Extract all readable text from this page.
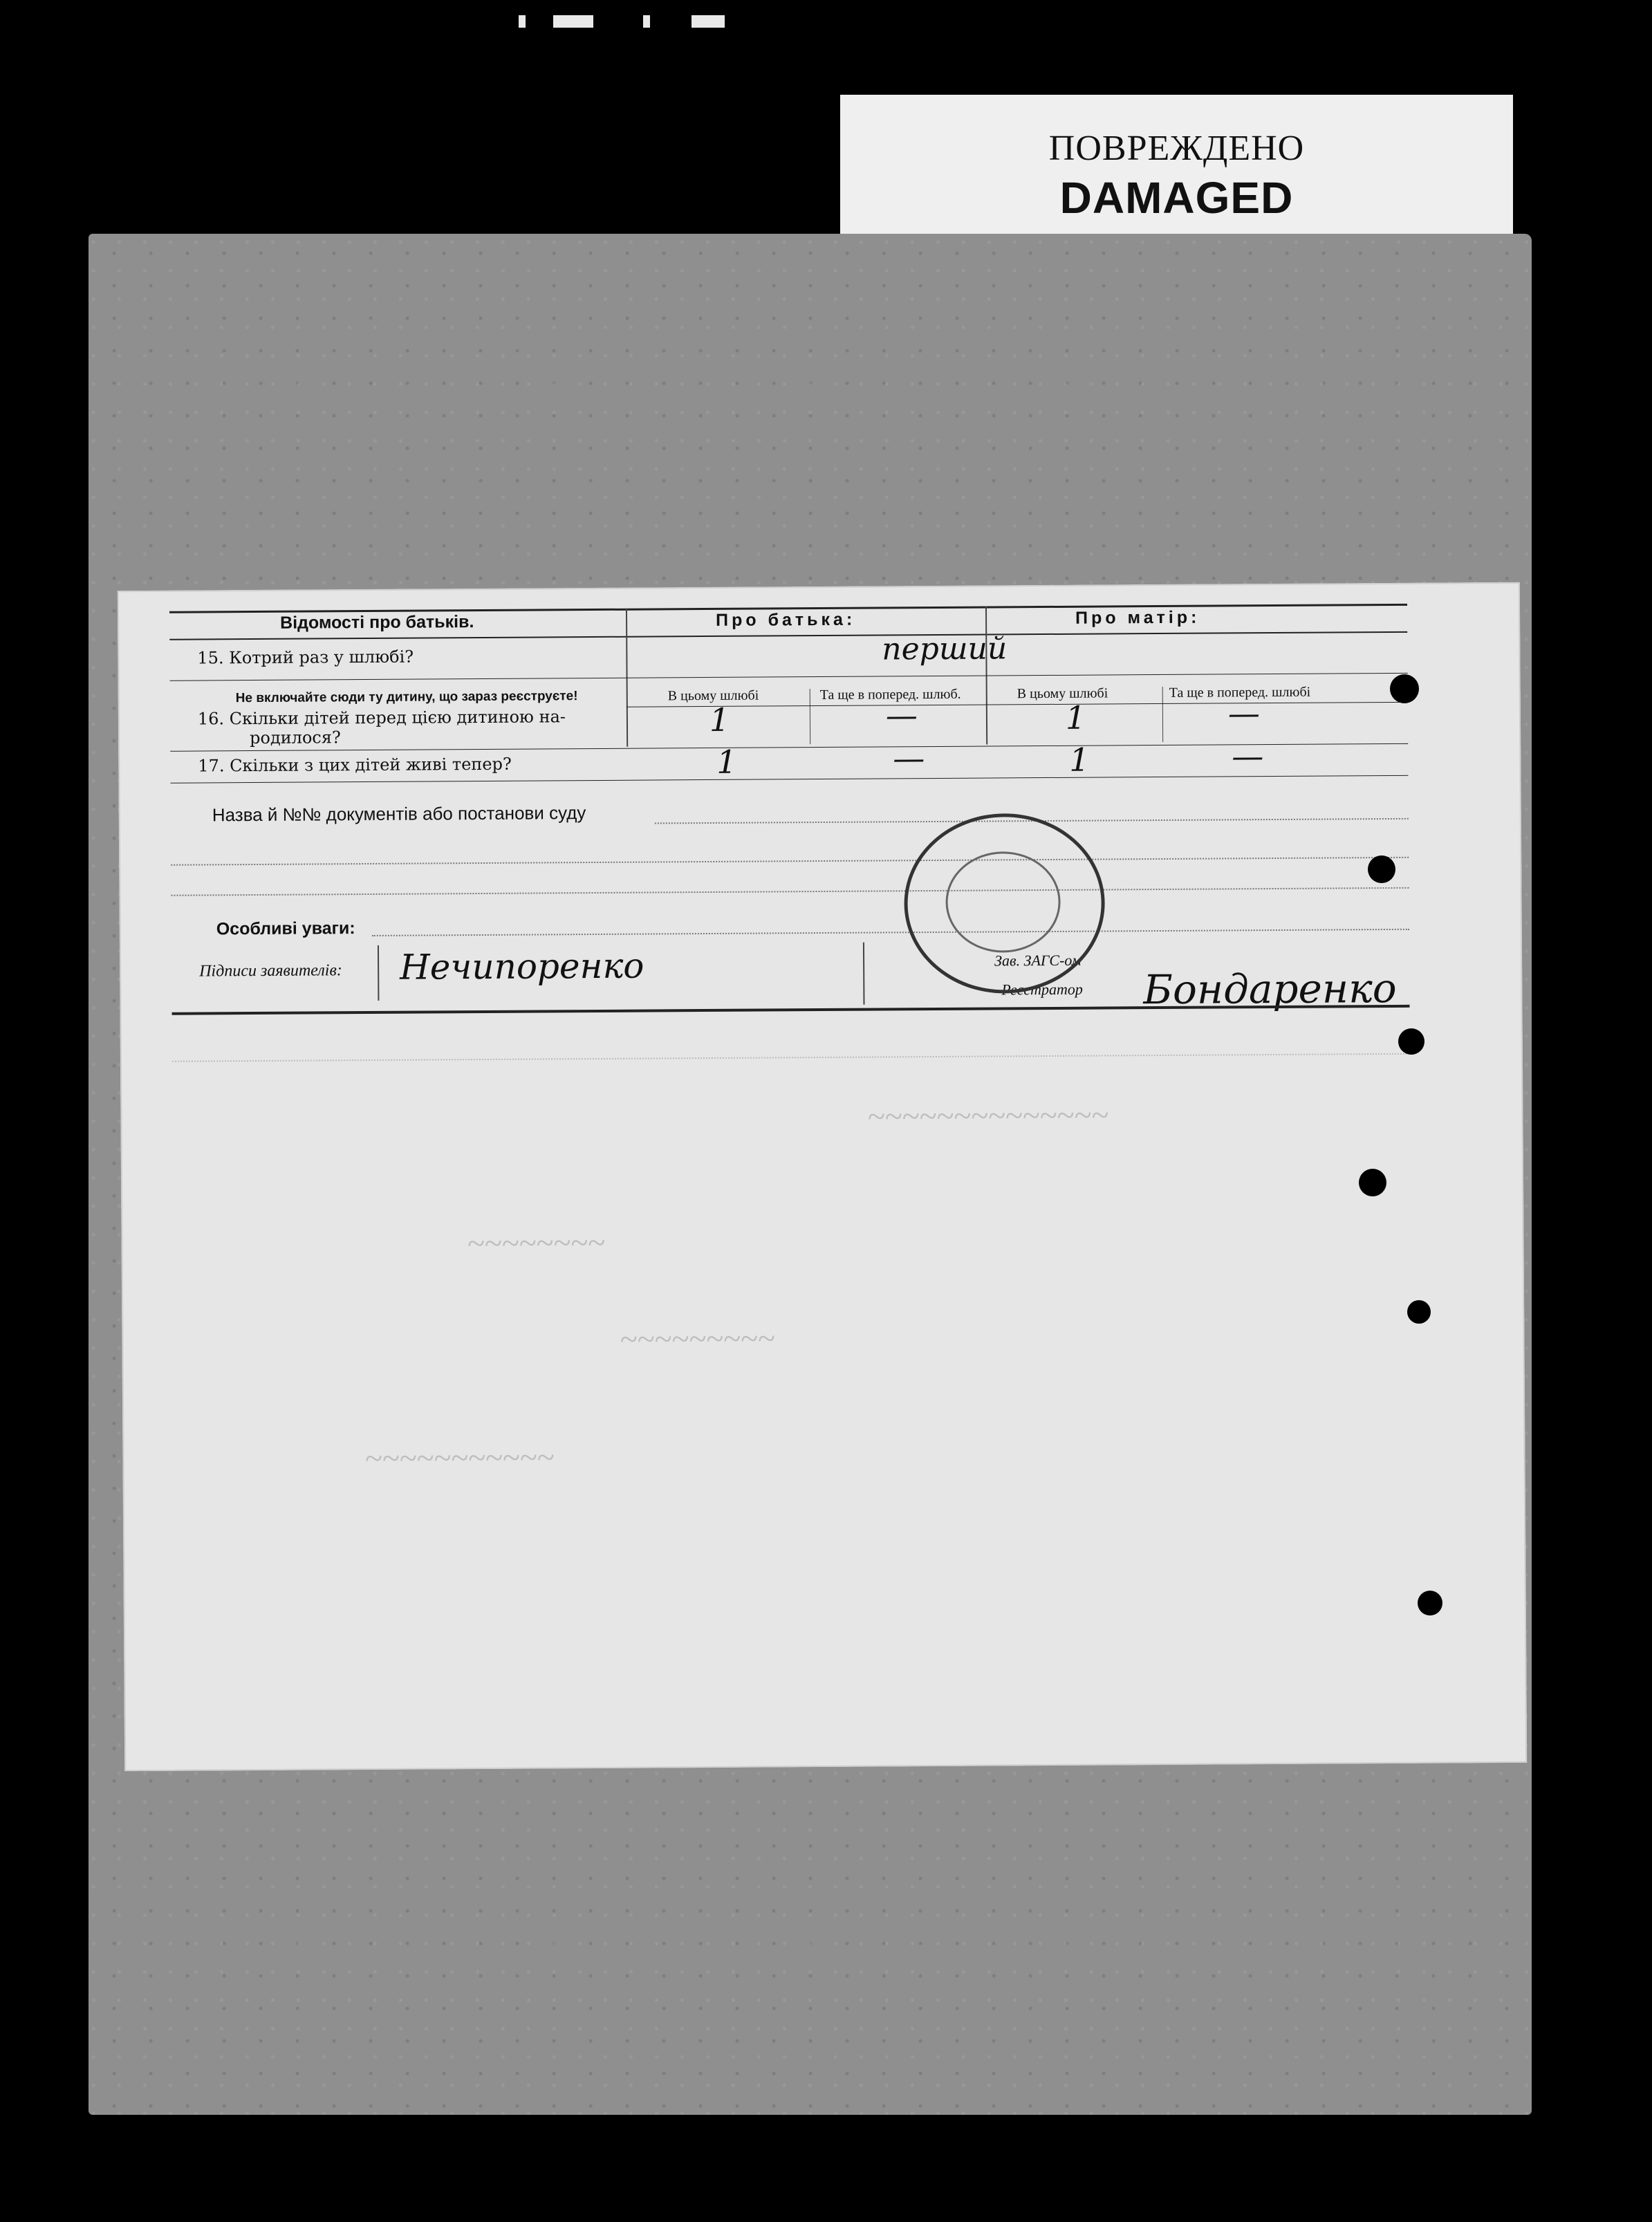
ПОВРЕЖДЕНО
DAMAGED
~~~~~~~~~~~~~~
~~~~~~~~
~~~~~~~~~
~~~~~~~~~~~
Відомості про батьків.	Про батька:	Про матір:
15. Котрий раз у шлюбі?	перший
Не включайте сюди ту дитину, що зараз реєструєте!	В цьому шлюбі	Та ще в поперед. шлюб.	В цьому шлюбі	Та ще в поперед. шлюбі
16. Скільки дітей перед цією дитиною на-
родилося?	1	—	1	—
17. Скільки з цих дітей живі тепер?	1	—	1	—
Назва й №№ документів або постанови суду
Особливі уваги:
Підписи заявителів: Нечипоренко	Зав. ЗАГС-ом
Реєстратор Бондаренко
